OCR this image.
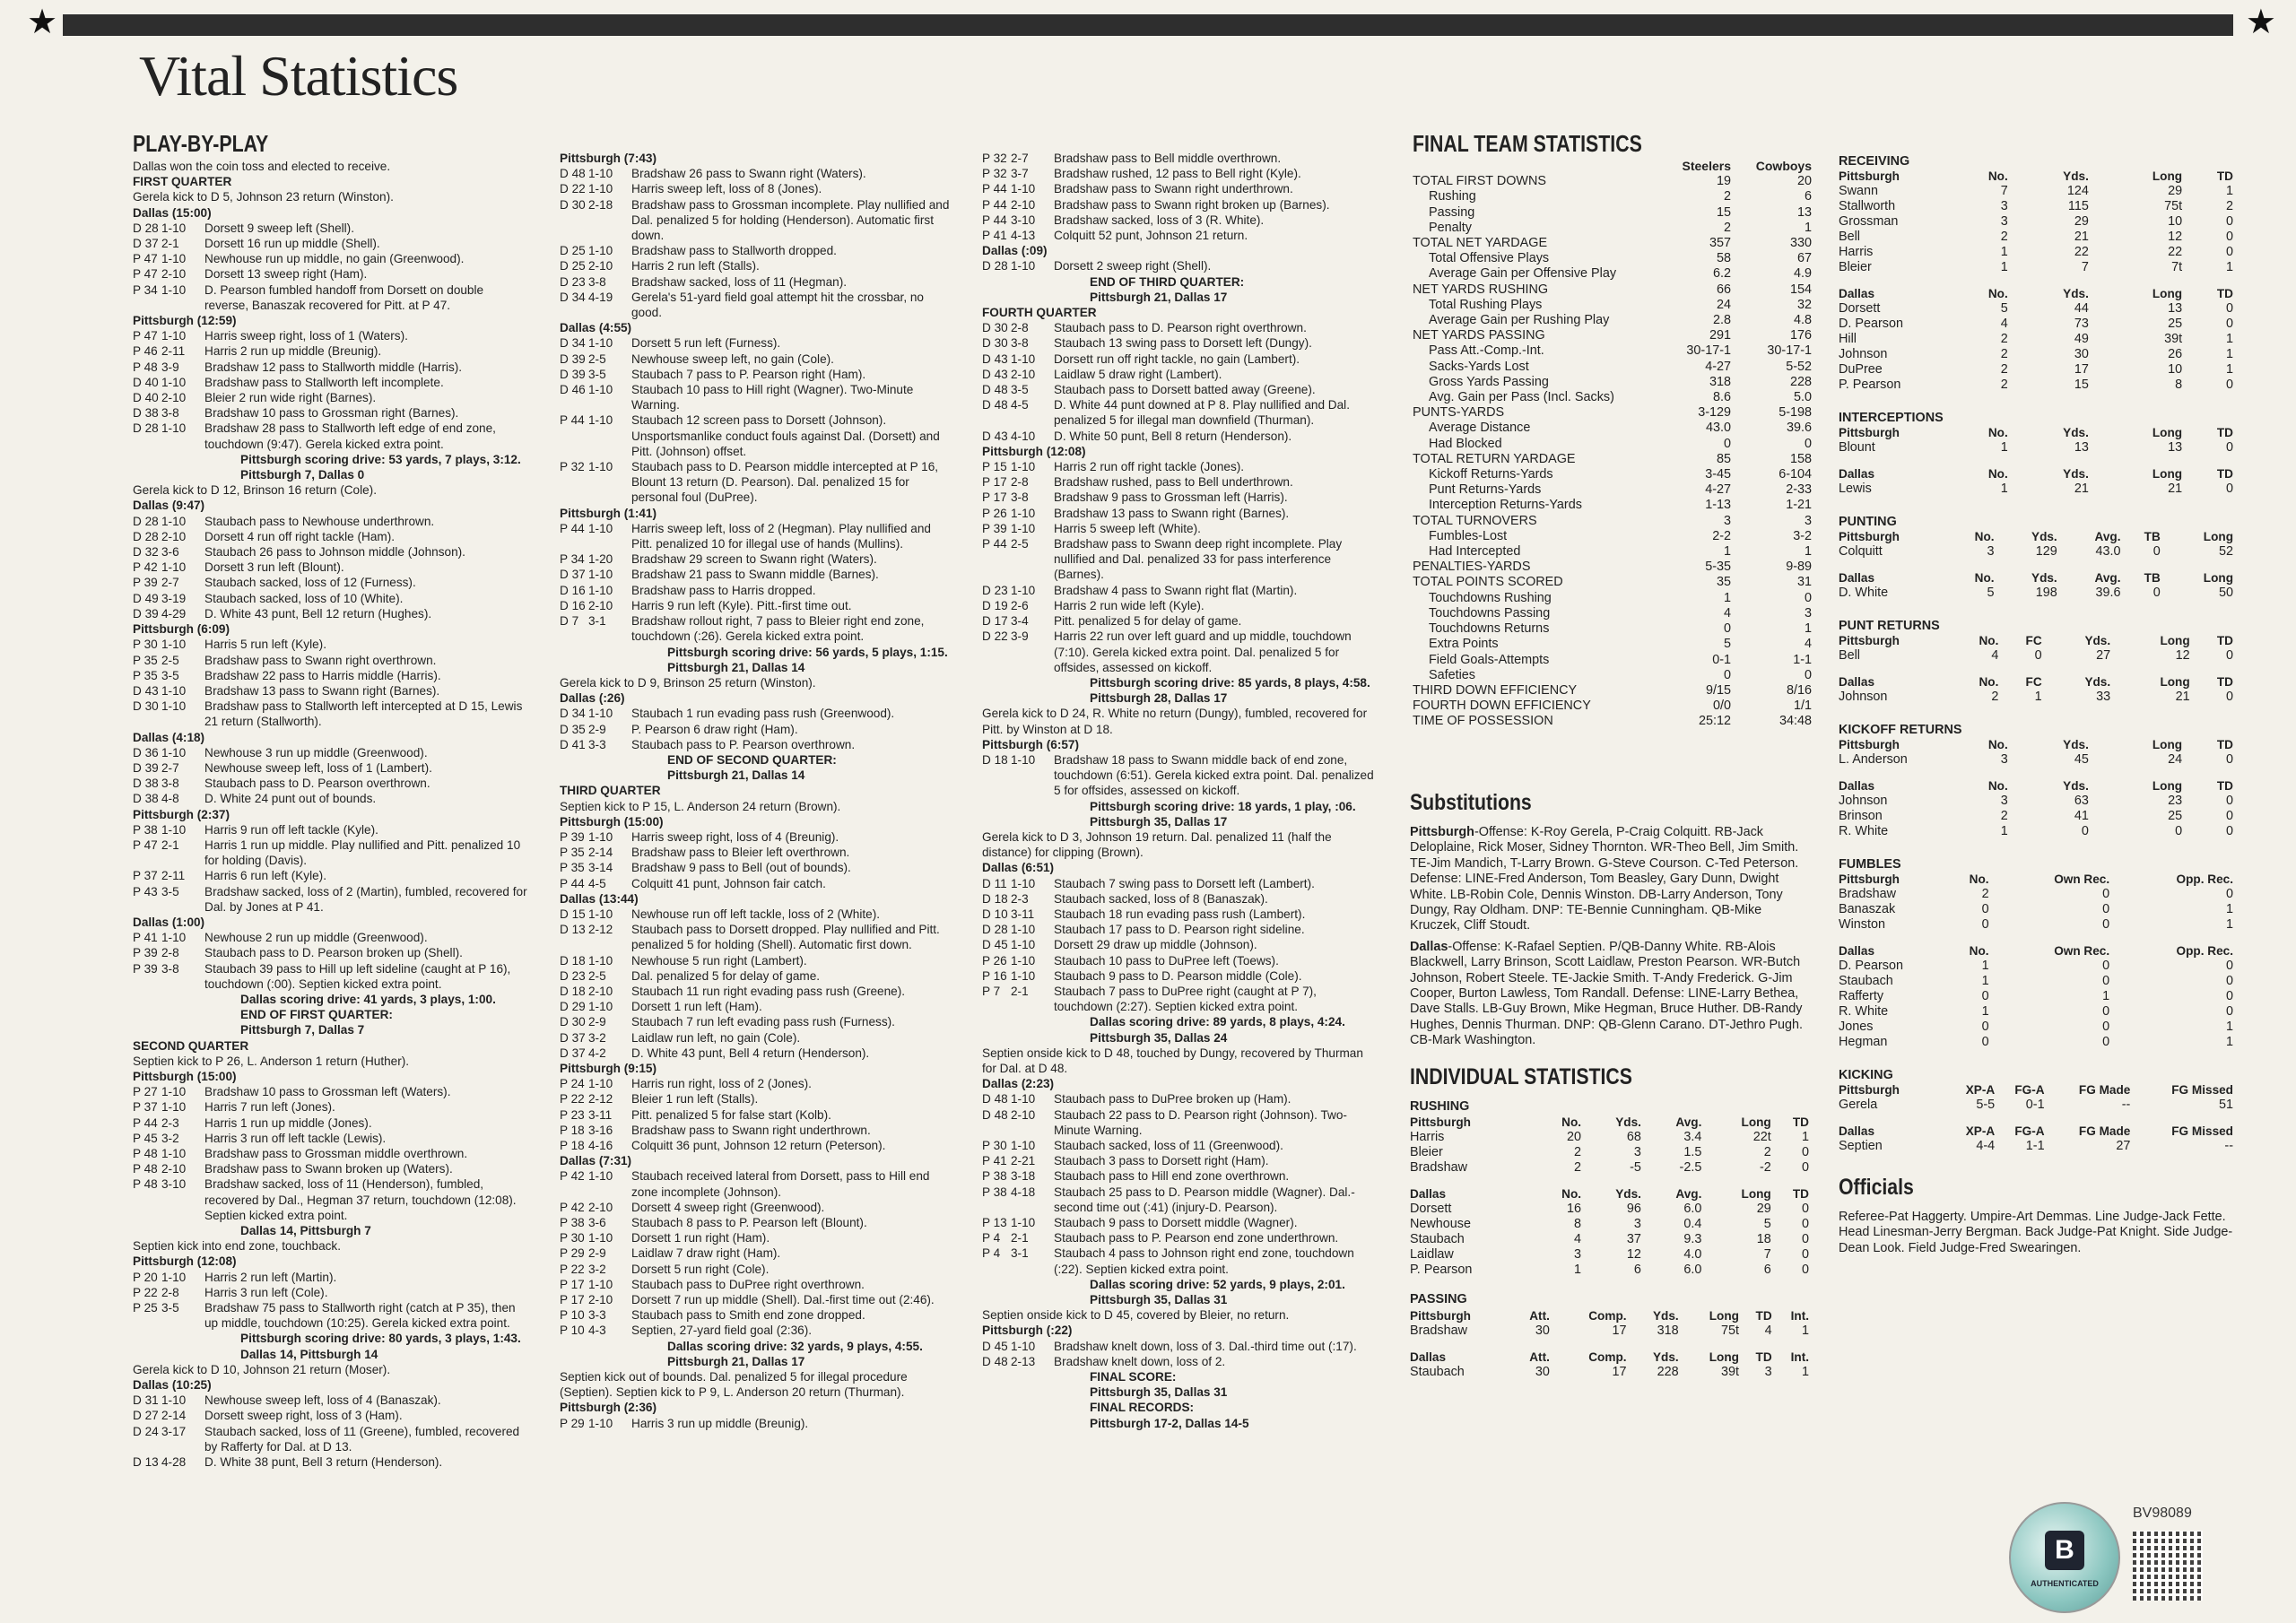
★	★
Vital Statistics
PLAY-BY-PLAY
Dallas won the coin toss and elected to receive.
FIRST QUARTER
Gerela kick to D 5, Johnson 23 return (Winston).
Dallas (15:00)
D 28 1-10	Dorsett 9 sweep left (Shell).
D 37 2-1	Dorsett 16 run up middle (Shell).
P 47 1-10	Newhouse run up middle, no gain (Greenwood).
P 47 2-10	Dorsett 13 sweep right (Ham).
P 34 1-10	D. Pearson fumbled handoff from Dorsett on double reverse, Banaszak recovered for Pitt. at P 47.
Pittsburgh (12:59)
P 47 1-10	Harris sweep right, loss of 1 (Waters).
P 46 2-11	Harris 2 run up middle (Breunig).
P 48 3-9	Bradshaw 12 pass to Stallworth middle (Harris).
D 40 1-10	Bradshaw pass to Stallworth left incomplete.
D 40 2-10	Bleier 2 run wide right (Barnes).
D 38 3-8	Bradshaw 10 pass to Grossman right (Barnes).
D 28 1-10	Bradshaw 28 pass to Stallworth left edge of end zone, touchdown (9:47). Gerela kicked extra point.
Pittsburgh scoring drive: 53 yards, 7 plays, 3:12.
Pittsburgh 7, Dallas 0
Gerela kick to D 12, Brinson 16 return (Cole).
Dallas (9:47)
D 28 1-10	Staubach pass to Newhouse underthrown.
D 28 2-10	Dorsett 4 run off right tackle (Ham).
D 32 3-6	Staubach 26 pass to Johnson middle (Johnson).
P 42 1-10	Dorsett 3 run left (Blount).
P 39 2-7	Staubach sacked, loss of 12 (Furness).
D 49 3-19	Staubach sacked, loss of 10 (White).
D 39 4-29	D. White 43 punt, Bell 12 return (Hughes).
Pittsburgh (6:09)
P 30 1-10	Harris 5 run left (Kyle).
P 35 2-5	Bradshaw pass to Swann right overthrown.
P 35 3-5	Bradshaw 22 pass to Harris middle (Harris).
D 43 1-10	Bradshaw 13 pass to Swann right (Barnes).
D 30 1-10	Bradshaw pass to Stallworth left intercepted at D 15, Lewis 21 return (Stallworth).
Dallas (4:18)
D 36 1-10	Newhouse 3 run up middle (Greenwood).
D 39 2-7	Newhouse sweep left, loss of 1 (Lambert).
D 38 3-8	Staubach pass to D. Pearson overthrown.
D 38 4-8	D. White 24 punt out of bounds.
Pittsburgh (2:37)
P 38 1-10	Harris 9 run off left tackle (Kyle).
P 47 2-1	Harris 1 run up middle. Play nullified and Pitt. penalized 10 for holding (Davis).
P 37 2-11	Harris 6 run left (Kyle).
P 43 3-5	Bradshaw sacked, loss of 2 (Martin), fumbled, recovered for Dal. by Jones at P 41.
Dallas (1:00)
P 41 1-10	Newhouse 2 run up middle (Greenwood).
P 39 2-8	Staubach pass to D. Pearson broken up (Shell).
P 39 3-8	Staubach 39 pass to Hill up left sideline (caught at P 16), touchdown (:00). Septien kicked extra point.
Dallas scoring drive: 41 yards, 3 plays, 1:00.
END OF FIRST QUARTER:
Pittsburgh 7, Dallas 7
SECOND QUARTER
Septien kick to P 26, L. Anderson 1 return (Huther).
Pittsburgh (15:00)
P 27 1-10	Bradshaw 10 pass to Grossman left (Waters).
P 37 1-10	Harris 7 run left (Jones).
P 44 2-3	Harris 1 run up middle (Jones).
P 45 3-2	Harris 3 run off left tackle (Lewis).
P 48 1-10	Bradshaw pass to Grossman middle overthrown.
P 48 2-10	Bradshaw pass to Swann broken up (Waters).
P 48 3-10	Bradshaw sacked, loss of 11 (Henderson), fumbled, recovered by Dal., Hegman 37 return, touchdown (12:08). Septien kicked extra point.
Dallas 14, Pittsburgh 7
Septien kick into end zone, touchback.
Pittsburgh (12:08)
P 20 1-10	Harris 2 run left (Martin).
P 22 2-8	Harris 3 run left (Cole).
P 25 3-5	Bradshaw 75 pass to Stallworth right (catch at P 35), then up middle, touchdown (10:25). Gerela kicked extra point.
Pittsburgh scoring drive: 80 yards, 3 plays, 1:43.
Dallas 14, Pittsburgh 14
Gerela kick to D 10, Johnson 21 return (Moser).
Dallas (10:25)
D 31 1-10	Newhouse sweep left, loss of 4 (Banaszak).
D 27 2-14	Dorsett sweep right, loss of 3 (Ham).
D 24 3-17	Staubach sacked, loss of 11 (Greene), fumbled, recovered by Rafferty for Dal. at D 13.
D 13 4-28	D. White 38 punt, Bell 3 return (Henderson).
Pittsburgh (7:43)
D 48 1-10	Bradshaw 26 pass to Swann right (Waters).
D 22 1-10	Harris sweep left, loss of 8 (Jones).
D 30 2-18	Bradshaw pass to Grossman incomplete. Play nullified and Dal. penalized 5 for holding (Henderson). Automatic first down.
D 25 1-10	Bradshaw pass to Stallworth dropped.
D 25 2-10	Harris 2 run left (Stalls).
D 23 3-8	Bradshaw sacked, loss of 11 (Hegman).
D 34 4-19	Gerela's 51-yard field goal attempt hit the crossbar, no good.
Dallas (4:55)
D 34 1-10	Dorsett 5 run left (Furness).
D 39 2-5	Newhouse sweep left, no gain (Cole).
D 39 3-5	Staubach 7 pass to P. Pearson right (Ham).
D 46 1-10	Staubach 10 pass to Hill right (Wagner). Two-Minute Warning.
P 44 1-10	Staubach 12 screen pass to Dorsett (Johnson). Unsportsmanlike conduct fouls against Dal. (Dorsett) and Pitt. (Johnson) offset.
P 32 1-10	Staubach pass to D. Pearson middle intercepted at P 16, Blount 13 return (D. Pearson). Dal. penalized 15 for personal foul (DuPree).
Pittsburgh (1:41)
P 44 1-10	Harris sweep left, loss of 2 (Hegman). Play nullified and Pitt. penalized 10 for illegal use of hands (Mullins).
P 34 1-20	Bradshaw 29 screen to Swann right (Waters).
D 37 1-10	Bradshaw 21 pass to Swann middle (Barnes).
D 16 1-10	Bradshaw pass to Harris dropped.
D 16 2-10	Harris 9 run left (Kyle). Pitt.-first time out.
D 7 3-1	Bradshaw rollout right, 7 pass to Bleier right end zone, touchdown (:26). Gerela kicked extra point.
Pittsburgh scoring drive: 56 yards, 5 plays, 1:15.
Pittsburgh 21, Dallas 14
Gerela kick to D 9, Brinson 25 return (Winston).
Dallas (:26)
D 34 1-10	Staubach 1 run evading pass rush (Greenwood).
D 35 2-9	P. Pearson 6 draw right (Ham).
D 41 3-3	Staubach pass to P. Pearson overthrown.
END OF SECOND QUARTER:
Pittsburgh 21, Dallas 14
THIRD QUARTER
Septien kick to P 15, L. Anderson 24 return (Brown).
Pittsburgh (15:00)
P 39 1-10	Harris sweep right, loss of 4 (Breunig).
P 35 2-14	Bradshaw pass to Bleier left overthrown.
P 35 3-14	Bradshaw 9 pass to Bell (out of bounds).
P 44 4-5	Colquitt 41 punt, Johnson fair catch.
Dallas (13:44)
D 15 1-10	Newhouse run off left tackle, loss of 2 (White).
D 13 2-12	Staubach pass to Dorsett dropped. Play nullified and Pitt. penalized 5 for holding (Shell). Automatic first down.
D 18 1-10	Newhouse 5 run right (Lambert).
D 23 2-5	Dal. penalized 5 for delay of game.
D 18 2-10	Staubach 11 run right evading pass rush (Greene).
D 29 1-10	Dorsett 1 run left (Ham).
D 30 2-9	Staubach 7 run left evading pass rush (Furness).
D 37 3-2	Laidlaw run left, no gain (Cole).
D 37 4-2	D. White 43 punt, Bell 4 return (Henderson).
Pittsburgh (9:15)
P 24 1-10	Harris run right, loss of 2 (Jones).
P 22 2-12	Bleier 1 run left (Stalls).
P 23 3-11	Pitt. penalized 5 for false start (Kolb).
P 18 3-16	Bradshaw pass to Swann right underthrown.
P 18 4-16	Colquitt 36 punt, Johnson 12 return (Peterson).
Dallas (7:31)
P 42 1-10	Staubach received lateral from Dorsett, pass to Hill end zone incomplete (Johnson).
P 42 2-10	Dorsett 4 sweep right (Greenwood).
P 38 3-6	Staubach 8 pass to P. Pearson left (Blount).
P 30 1-10	Dorsett 1 run right (Ham).
P 29 2-9	Laidlaw 7 draw right (Ham).
P 22 3-2	Dorsett 5 run right (Cole).
P 17 1-10	Staubach pass to DuPree right overthrown.
P 17 2-10	Dorsett 7 run up middle (Shell). Dal.-first time out (2:46).
P 10 3-3	Staubach pass to Smith end zone dropped.
P 10 4-3	Septien, 27-yard field goal (2:36).
Dallas scoring drive: 32 yards, 9 plays, 4:55.
Pittsburgh 21, Dallas 17
Septien kick out of bounds. Dal. penalized 5 for illegal procedure (Septien). Septien kick to P 9, L. Anderson 20 return (Thurman).
Pittsburgh (2:36)
P 29 1-10	Harris 3 run up middle (Breunig).
P 32 2-7	Bradshaw pass to Bell middle overthrown.
P 32 3-7	Bradshaw rushed, 12 pass to Bell right (Kyle).
P 44 1-10	Bradshaw pass to Swann right underthrown.
P 44 2-10	Bradshaw pass to Swann right broken up (Barnes).
P 44 3-10	Bradshaw sacked, loss of 3 (R. White).
P 41 4-13	Colquitt 52 punt, Johnson 21 return.
Dallas (:09)
D 28 1-10	Dorsett 2 sweep right (Shell).
END OF THIRD QUARTER:
Pittsburgh 21, Dallas 17
FOURTH QUARTER
D 30 2-8	Staubach pass to D. Pearson right overthrown.
D 30 3-8	Staubach 13 swing pass to Dorsett left (Dungy).
D 43 1-10	Dorsett run off right tackle, no gain (Lambert).
D 43 2-10	Laidlaw 5 draw right (Lambert).
D 48 3-5	Staubach pass to Dorsett batted away (Greene).
D 48 4-5	D. White 44 punt downed at P 8. Play nullified and Dal. penalized 5 for illegal man downfield (Thurman).
D 43 4-10	D. White 50 punt, Bell 8 return (Henderson).
Pittsburgh (12:08)
P 15 1-10	Harris 2 run off right tackle (Jones).
P 17 2-8	Bradshaw rushed, pass to Bell underthrown.
P 17 3-8	Bradshaw 9 pass to Grossman left (Harris).
P 26 1-10	Bradshaw 13 pass to Swann right (Barnes).
P 39 1-10	Harris 5 sweep left (White).
P 44 2-5	Bradshaw pass to Swann deep right incomplete. Play nullified and Dal. penalized 33 for pass interference (Barnes).
D 23 1-10	Bradshaw 4 pass to Swann right flat (Martin).
D 19 2-6	Harris 2 run wide left (Kyle).
D 17 3-4	Pitt. penalized 5 for delay of game.
D 22 3-9	Harris 22 run over left guard and up middle, touchdown (7:10). Gerela kicked extra point. Dal. penalized 5 for offsides, assessed on kickoff.
Pittsburgh scoring drive: 85 yards, 8 plays, 4:58.
Pittsburgh 28, Dallas 17
Gerela kick to D 24, R. White no return (Dungy), fumbled, recovered for Pitt. by Winston at D 18.
Pittsburgh (6:57)
D 18 1-10	Bradshaw 18 pass to Swann middle back of end zone, touchdown (6:51). Gerela kicked extra point. Dal. penalized 5 for offsides, assessed on kickoff.
Pittsburgh scoring drive: 18 yards, 1 play, :06.
Pittsburgh 35, Dallas 17
Gerela kick to D 3, Johnson 19 return. Dal. penalized 11 (half the distance) for clipping (Brown).
Dallas (6:51)
D 11 1-10	Staubach 7 swing pass to Dorsett left (Lambert).
D 18 2-3	Staubach sacked, loss of 8 (Banaszak).
D 10 3-11	Staubach 18 run evading pass rush (Lambert).
D 28 1-10	Staubach 17 pass to D. Pearson right sideline.
D 45 1-10	Dorsett 29 draw up middle (Johnson).
P 26 1-10	Staubach 10 pass to DuPree left (Toews).
P 16 1-10	Staubach 9 pass to D. Pearson middle (Cole).
P 7 2-1	Staubach 7 pass to DuPree right (caught at P 7), touchdown (2:27). Septien kicked extra point.
Dallas scoring drive: 89 yards, 8 plays, 4:24.
Pittsburgh 35, Dallas 24
Septien onside kick to D 48, touched by Dungy, recovered by Thurman for Dal. at D 48.
Dallas (2:23)
D 48 1-10	Staubach pass to DuPree broken up (Ham).
D 48 2-10	Staubach 22 pass to D. Pearson right (Johnson). Two-Minute Warning.
P 30 1-10	Staubach sacked, loss of 11 (Greenwood).
P 41 2-21	Staubach 3 pass to Dorsett right (Ham).
P 38 3-18	Staubach pass to Hill end zone overthrown.
P 38 4-18	Staubach 25 pass to D. Pearson middle (Wagner). Dal.-second time out (:41) (injury-D. Pearson).
P 13 1-10	Staubach 9 pass to Dorsett middle (Wagner).
P 4 2-1	Staubach pass to P. Pearson end zone underthrown.
P 4 3-1	Staubach 4 pass to Johnson right end zone, touchdown (:22). Septien kicked extra point.
Dallas scoring drive: 52 yards, 9 plays, 2:01.
Pittsburgh 35, Dallas 31
Septien onside kick to D 45, covered by Bleier, no return.
Pittsburgh (:22)
D 45 1-10	Bradshaw knelt down, loss of 3. Dal.-third time out (:17).
D 48 2-13	Bradshaw knelt down, loss of 2.
FINAL SCORE:
Pittsburgh 35, Dallas 31
FINAL RECORDS:
Pittsburgh 17-2, Dallas 14-5
FINAL TEAM STATISTICS
	Steelers	Cowboys
TOTAL FIRST DOWNS	19	20
Rushing	2	6
Passing	15	13
Penalty	2	1
TOTAL NET YARDAGE	357	330
Total Offensive Plays	58	67
Average Gain per Offensive Play	6.2	4.9
NET YARDS RUSHING	66	154
Total Rushing Plays	24	32
Average Gain per Rushing Play	2.8	4.8
NET YARDS PASSING	291	176
Pass Att.-Comp.-Int.	30-17-1	30-17-1
Sacks-Yards Lost	4-27	5-52
Gross Yards Passing	318	228
Avg. Gain per Pass (Incl. Sacks)	8.6	5.0
PUNTS-YARDS	3-129	5-198
Average Distance	43.0	39.6
Had Blocked	0	0
TOTAL RETURN YARDAGE	85	158
Kickoff Returns-Yards	3-45	6-104
Punt Returns-Yards	4-27	2-33
Interception Returns-Yards	1-13	1-21
TOTAL TURNOVERS	3	3
Fumbles-Lost	2-2	3-2
Had Intercepted	1	1
PENALTIES-YARDS	5-35	9-89
TOTAL POINTS SCORED	35	31
Touchdowns Rushing	1	0
Touchdowns Passing	4	3
Touchdowns Returns	0	1
Extra Points	5	4
Field Goals-Attempts	0-1	1-1
Safeties	0	0
THIRD DOWN EFFICIENCY	9/15	8/16
FOURTH DOWN EFFICIENCY	0/0	1/1
TIME OF POSSESSION	25:12	34:48
Substitutions

Pittsburgh-Offense: K-Roy Gerela, P-Craig Colquitt. RB-Jack Deloplaine, Rick Moser, Sidney Thornton. WR-Theo Bell, Jim Smith. TE-Jim Mandich, T-Larry Brown. G-Steve Courson. C-Ted Peterson. Defense: LINE-Fred Anderson, Tom Beasley, Gary Dunn, Dwight White. LB-Robin Cole, Dennis Winston. DB-Larry Anderson, Tony Dungy, Ray Oldham. DNP: TE-Bennie Cunningham. QB-Mike Kruczek, Cliff Stoudt.

Dallas-Offense: K-Rafael Septien. P/QB-Danny White. RB-Alois Blackwell, Larry Brinson, Scott Laidlaw, Preston Pearson. WR-Butch Johnson, Robert Steele. TE-Jackie Smith. T-Andy Frederick. G-Jim Cooper, Burton Lawless, Tom Randall. Defense: LINE-Larry Bethea, Dave Stalls. LB-Guy Brown, Mike Hegman, Bruce Huther. DB-Randy Hughes, Dennis Thurman. DNP: QB-Glenn Carano. DT-Jethro Pugh. CB-Mark Washington.

INDIVIDUAL STATISTICS
RUSHING
Pittsburgh	No.	Yds.	Avg.	Long	TD
Harris	20	68	3.4	22t	1
Bleier	2	3	1.5	2	0
Bradshaw	2	-5	-2.5	-2	0
Dallas	No.	Yds.	Avg.	Long	TD
Dorsett	16	96	6.0	29	0
Newhouse	8	3	0.4	5	0
Staubach	4	37	9.3	18	0
Laidlaw	3	12	4.0	7	0
P. Pearson	1	6	6.0	6	0
PASSING
Pittsburgh	Att.	Comp.	Yds.	Long	TD	Int.
Bradshaw	30	17	318	75t	4	1
Dallas	Att.	Comp.	Yds.	Long	TD	Int.
Staubach	30	17	228	39t	3	1
RECEIVING
Pittsburgh	No.	Yds.	Long	TD
Swann	7	124	29	1
Stallworth	3	115	75t	2
Grossman	3	29	10	0
Bell	2	21	12	0
Harris	1	22	22	0
Bleier	1	7	7t	1
Dallas	No.	Yds.	Long	TD
Dorsett	5	44	13	0
D. Pearson	4	73	25	0
Hill	2	49	39t	1
Johnson	2	30	26	1
DuPree	2	17	10	1
P. Pearson	2	15	8	0
INTERCEPTIONS
Pittsburgh	No.	Yds.	Long	TD
Blount	1	13	13	0
Dallas	No.	Yds.	Long	TD
Lewis	1	21	21	0
PUNTING
Pittsburgh	No.	Yds.	Avg.	TB	Long
Colquitt	3	129	43.0	0	52
Dallas	No.	Yds.	Avg.	TB	Long
D. White	5	198	39.6	0	50
PUNT RETURNS
Pittsburgh	No.	FC	Yds.	Long	TD
Bell	4	0	27	12	0
Dallas	No.	FC	Yds.	Long	TD
Johnson	2	1	33	21	0
KICKOFF RETURNS
Pittsburgh	No.	Yds.	Long	TD
L. Anderson	3	45	24	0
Dallas	No.	Yds.	Long	TD
Johnson	3	63	23	0
Brinson	2	41	25	0
R. White	1	0	0	0
FUMBLES
Pittsburgh	No.	Own Rec.	Opp. Rec.
Bradshaw	2	0	0
Banaszak	0	0	1
Winston	0	0	1
Dallas	No.	Own Rec.	Opp. Rec.
D. Pearson	1	0	0
Staubach	1	0	0
Rafferty	0	1	0
R. White	1	0	0
Jones	0	0	1
Hegman	0	0	1
KICKING
Pittsburgh	XP-A	FG-A	FG Made	FG Missed
Gerela	5-5	0-1	--	51
Dallas	XP-A	FG-A	FG Made	FG Missed
Septien	4-4	1-1	27	--
Officials

Referee-Pat Haggerty. Umpire-Art Demmas. Line Judge-Jack Fette. Head Linesman-Jerry Bergman. Back Judge-Pat Knight. Side Judge-Dean Look. Field Judge-Fred Swearingen.

B
AUTHENTICATED
BV98089
